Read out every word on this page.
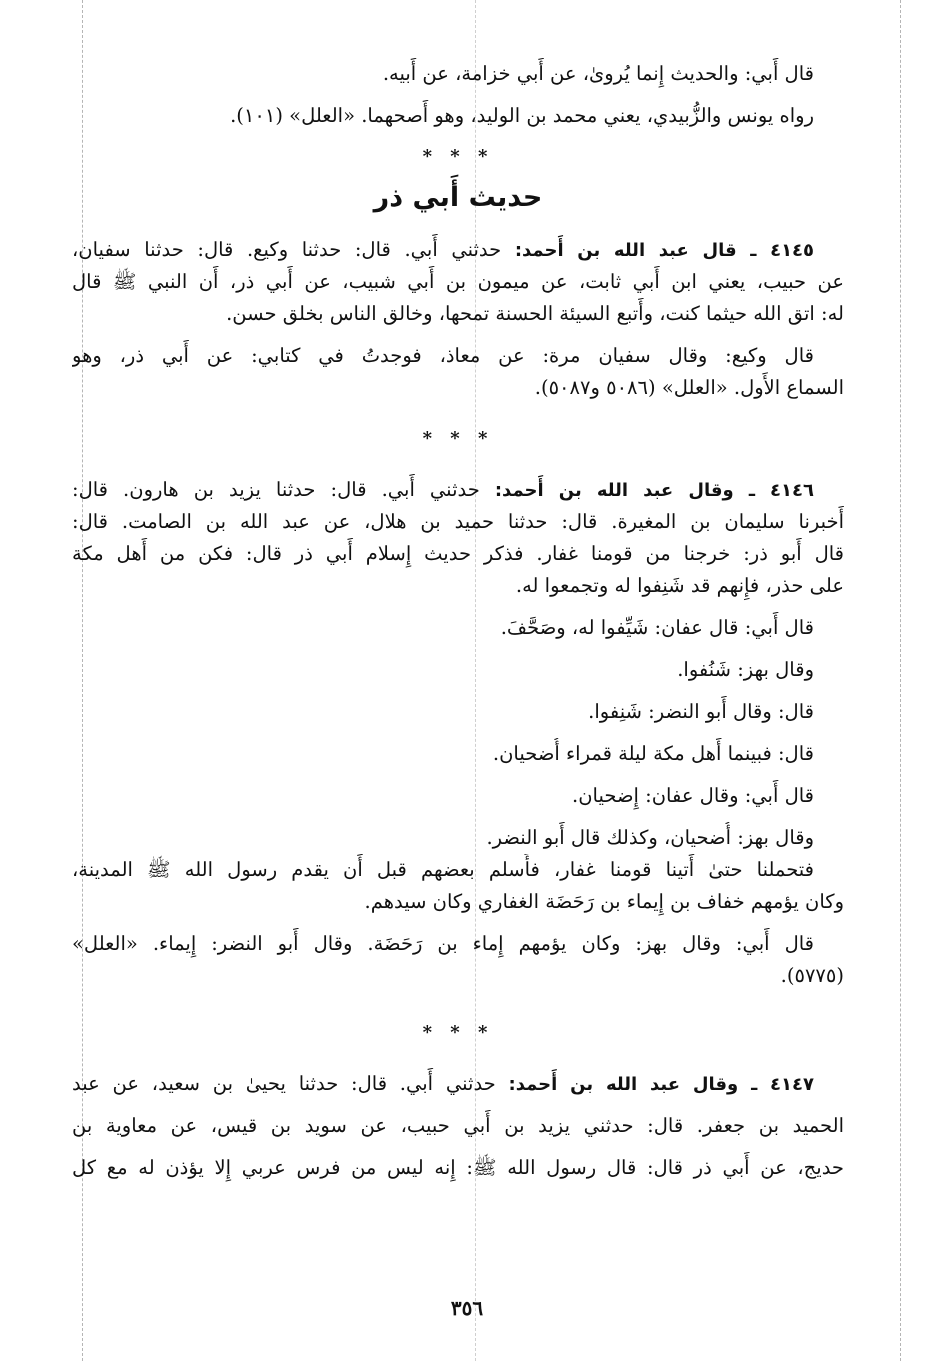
قال أَبي: والحديث إِنما يُروىٰ، عن أَبي خزامة، عن أَبيه.
رواه يونس والزُّبيدي، يعني محمد بن الوليد، وهو أَصحهما. «العلل» (١٠١).
* * *
حديث أَبي ذر
٤١٤٥ ـ قال عبد الله بن أَحمد: حدثني أَبي. قال: حدثنا وكيع. قال: حدثنا سفيان،
عن حبيب، يعني ابن أَبي ثابت، عن ميمون بن أَبي شبيب، عن أَبي ذر، أَن النبي ﷺ قال
له: اتق الله حيثما كنت، وأَتبع السيئة الحسنة تمحها، وخالق الناس بخلق حسن.
قال وكيع: وقال سفيان مرة: عن معاذ، فوجدتُ في كتابي: عن أَبي ذر، وهو
السماع الأَول. «العلل» (٥٠٨٦ و٥٠٨٧).
* * *
٤١٤٦ ـ وقال عبد الله بن أَحمد: حدثني أَبي. قال: حدثنا يزيد بن هارون. قال:
أَخبرنا سليمان بن المغيرة. قال: حدثنا حميد بن هلال، عن عبد الله بن الصامت. قال:
قال أَبو ذر: خرجنا من قومنا غفار. فذكر حديث إِسلام أَبي ذر قال: فكن من أَهل مكة
على حذر، فإِنهم قد شَنِفوا له وتجمعوا له.
قال أَبي: قال عفان: شَيِّفوا له، وصَحَّفَ.
وقال بهز: شَنُفوا.
قال: وقال أَبو النضر: شَنِفوا.
قال: فبينما أَهل مكة ليلة قمراء أُضحيان.
قال أَبي: وقال عفان: إِضحيان.
وقال بهز: أُضحيان، وكذلك قال أَبو النضر.
فتحملنا حتىٰ أَتينا قومنا غفار، فأَسلم بعضهم قبل أَن يقدم رسول الله ﷺ المدينة،
وكان يؤمهم خفاف بن إِيماء بن رَحَضَة الغفاري وكان سيدهم.
قال أَبي: وقال بهز: وكان يؤمهم إِماء بن رَحَضَة. وقال أَبو النضر: إِيماء. «العلل»
(٥٧٧٥).
* * *
٤١٤٧ ـ وقال عبد الله بن أَحمد: حدثني أَبي. قال: حدثنا يحيىٰ بن سعيد، عن عبد
الحميد بن جعفر. قال: حدثني يزيد بن أَبي حبيب، عن سويد بن قيس، عن معاوية بن
حديج، عن أَبي ذر قال: قال رسول الله ﷺ: إِنه ليس من فرس عربي إِلا يؤذن له مع كل
٣٥٦
